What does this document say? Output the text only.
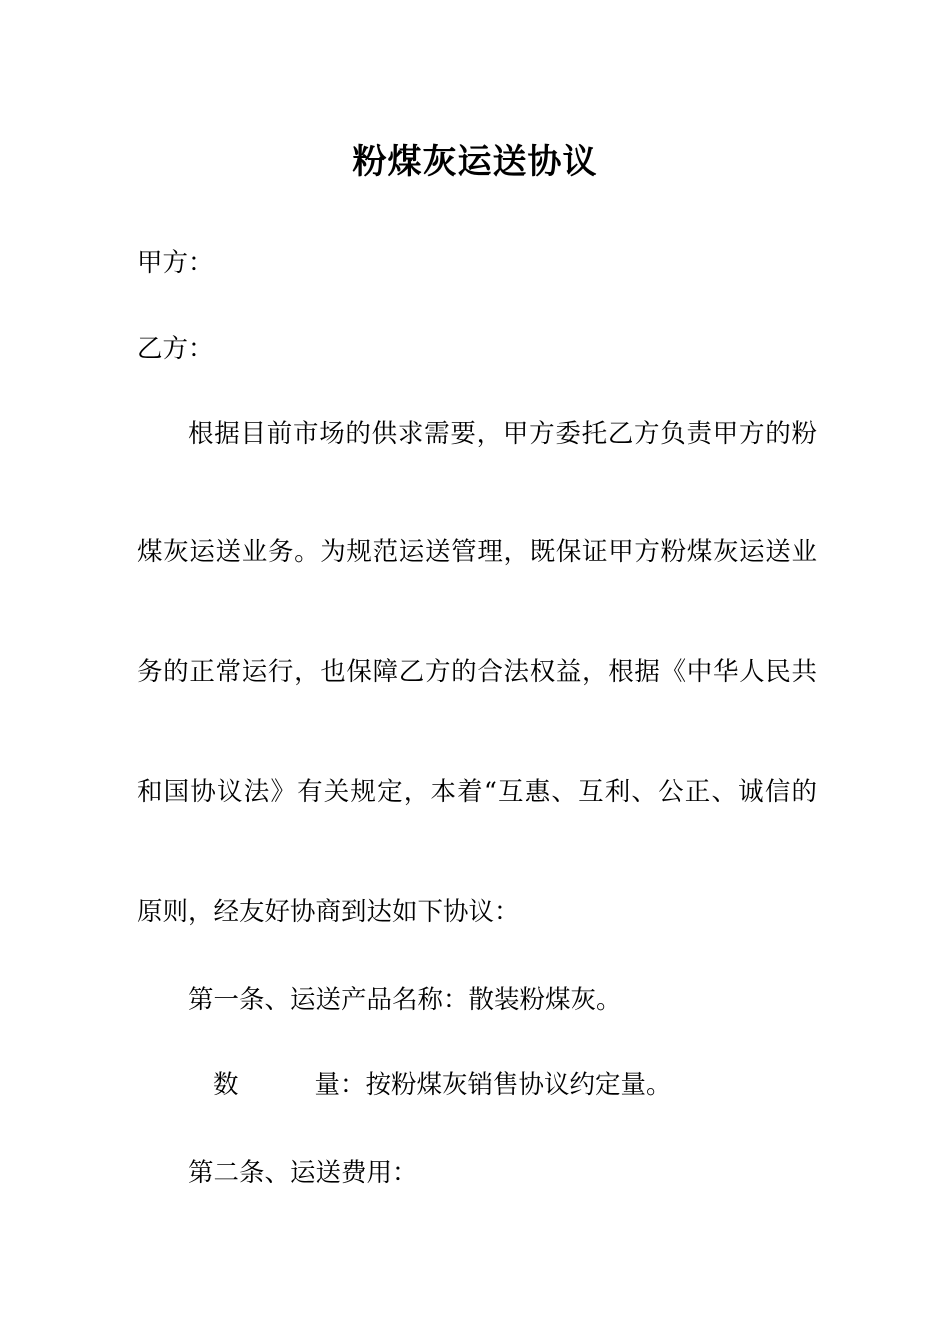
粉煤灰运送协议
甲方：
乙方：
根据目前市场的供求需要，甲方委托乙方负责甲方的粉
煤灰运送业务。为规范运送管理，既保证甲方粉煤灰运送业
务的正常运行，也保障乙方的合法权益，根据《中华人民共
和国协议法》有关规定，本着“互惠、互利、公正、诚信的
原则，经友好协商到达如下协议：
第一条、运送产品名称：散装粉煤灰。
数	量：按粉煤灰销售协议约定量。
第二条、运送费用：
